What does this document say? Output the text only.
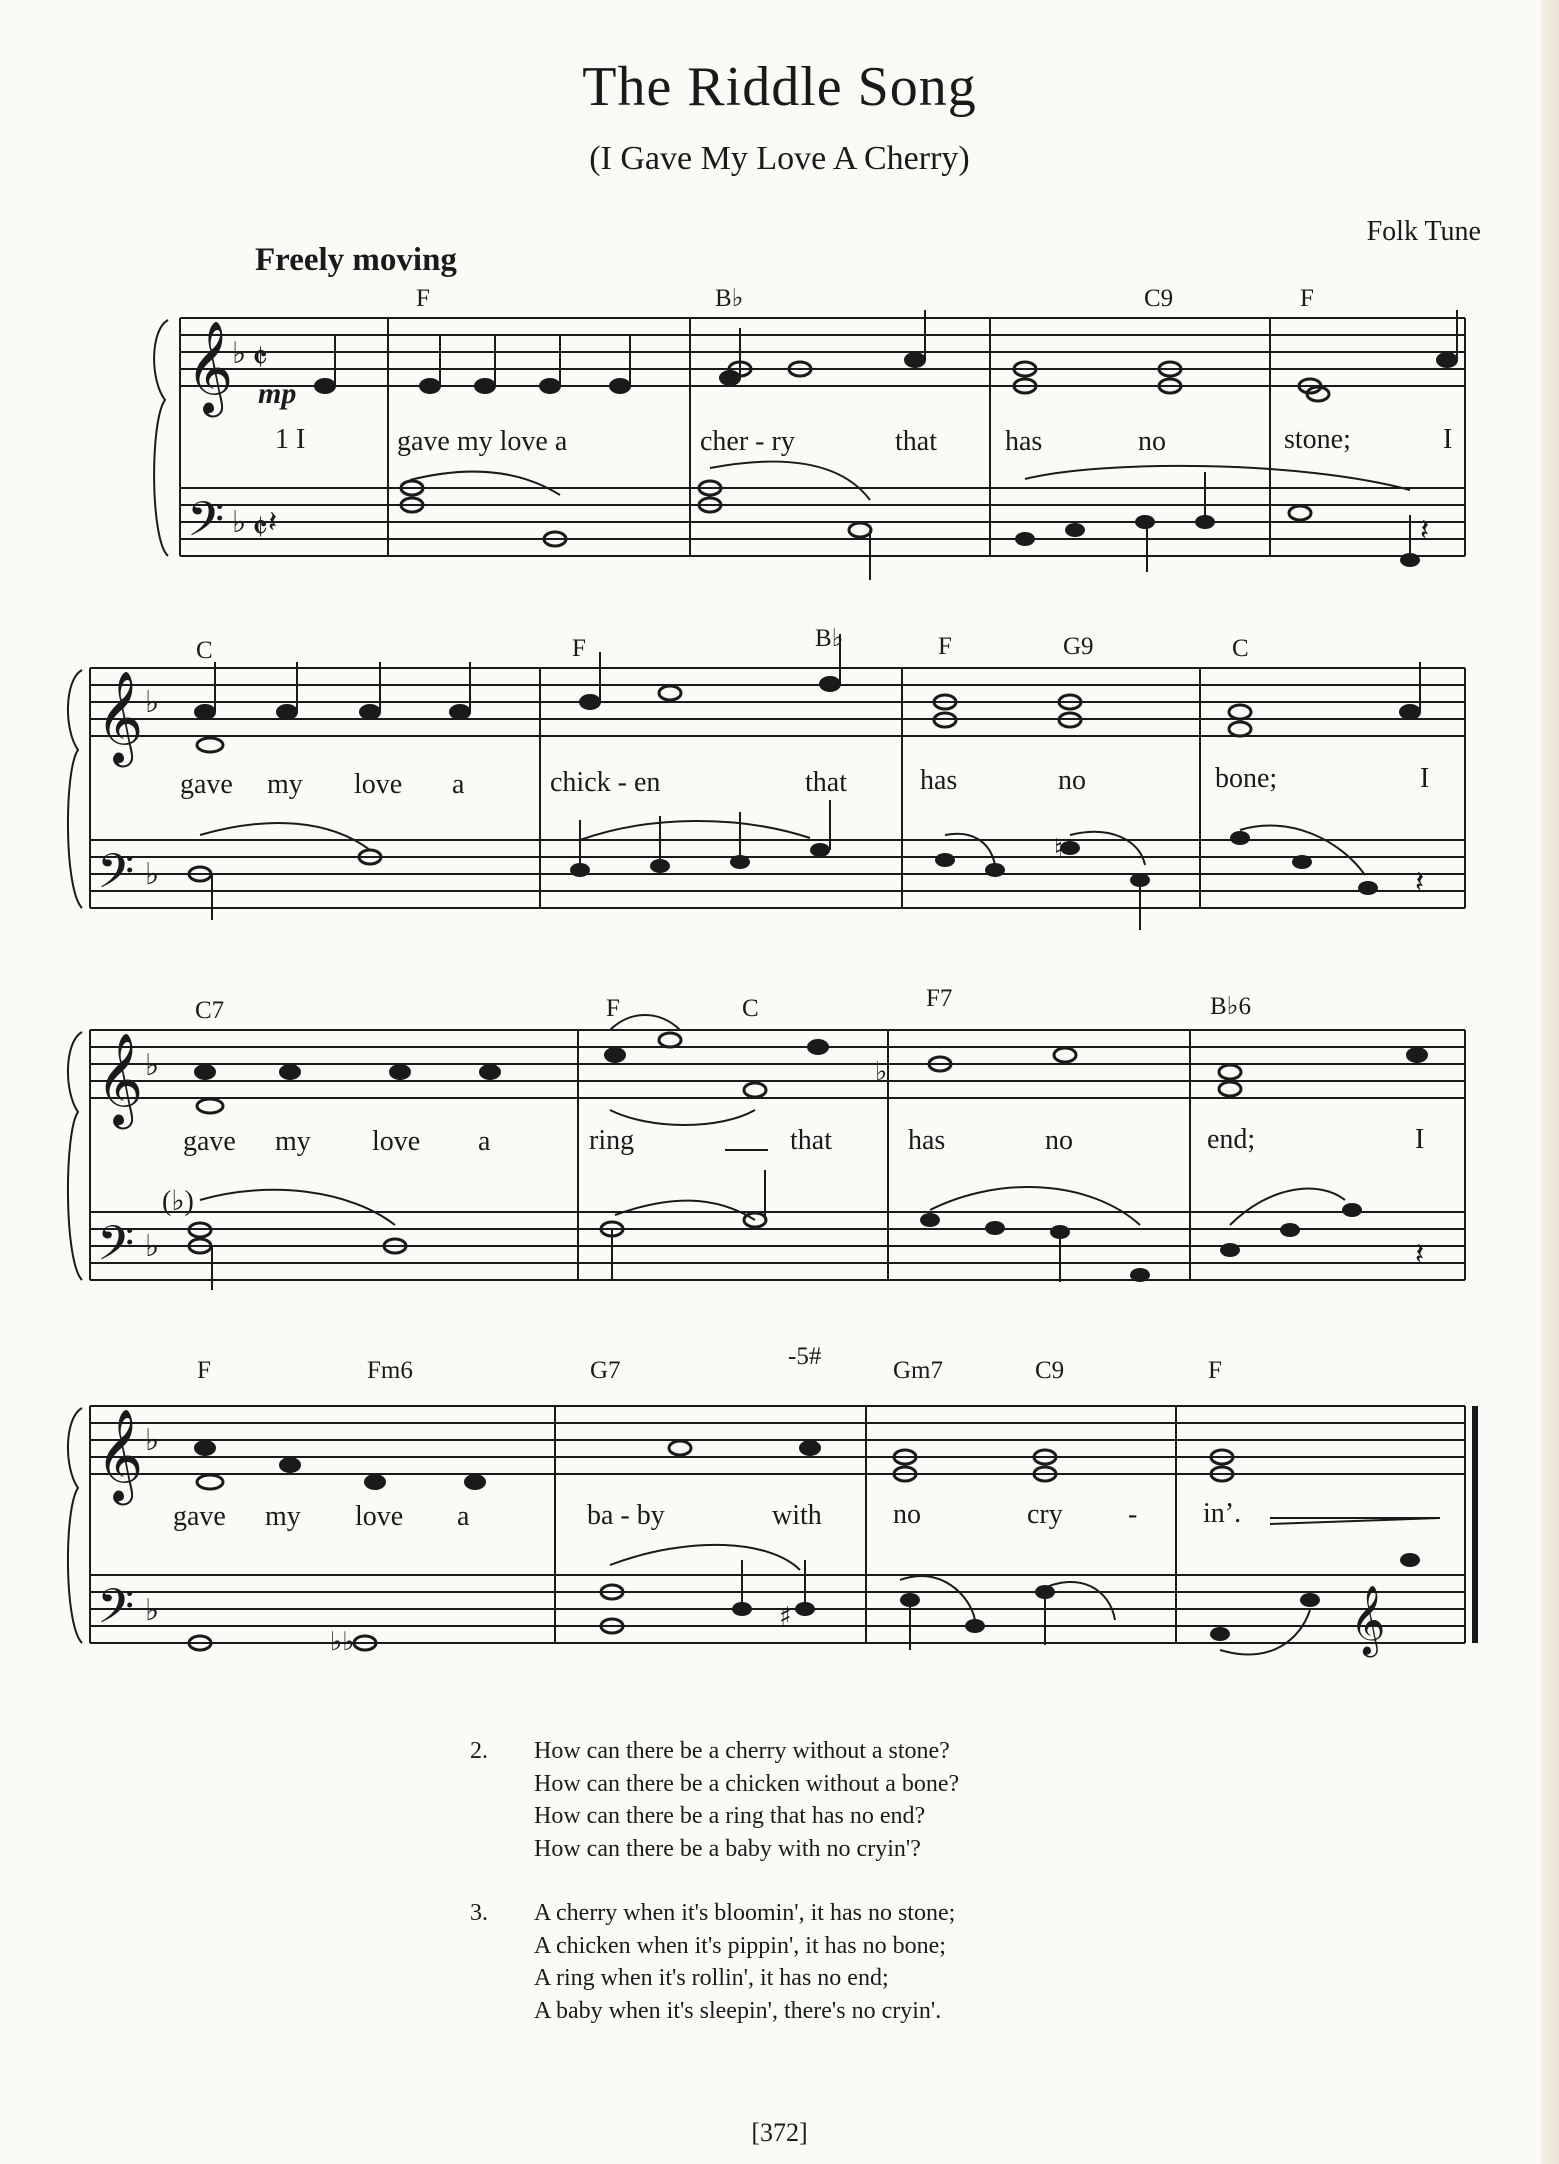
The Riddle Song
(I Gave My Love A Cherry)
Folk Tune
Freely moving
𝄞
𝄢
𝄞
𝄢
𝄞
𝄢
𝄞
𝄢	𝄞
♭
♭
♭
♭
♭
♭
♭
♭
𝄵
𝄵
♮
♯
♭♭
♭
(♭)
mp
𝄽	𝄽
𝄽
𝄽
F	B♭	C9	F
C	F	B♭	F	G9	C
C7	F	C	F7	B♭6
F	Fm6	G7
-5#
Gm7	C9	F
1 I	gave my love a	cher - ry	that has	no	stone;	I
gave my love a	chick - en	that	has	no	bone;	I
gave my love a	ring	that	has	no	end;	I
gave my love a	ba - by	with	no	cry - in’.
2.	How can there be a cherry without a stone?
How can there be a chicken without a bone?
How can there be a ring that has no end?
How can there be a baby with no cryin'?
3.	A cherry when it's bloomin', it has no stone;
A chicken when it's pippin', it has no bone;
A ring when it's rollin', it has no end;
A baby when it's sleepin', there's no cryin'.
[372]
